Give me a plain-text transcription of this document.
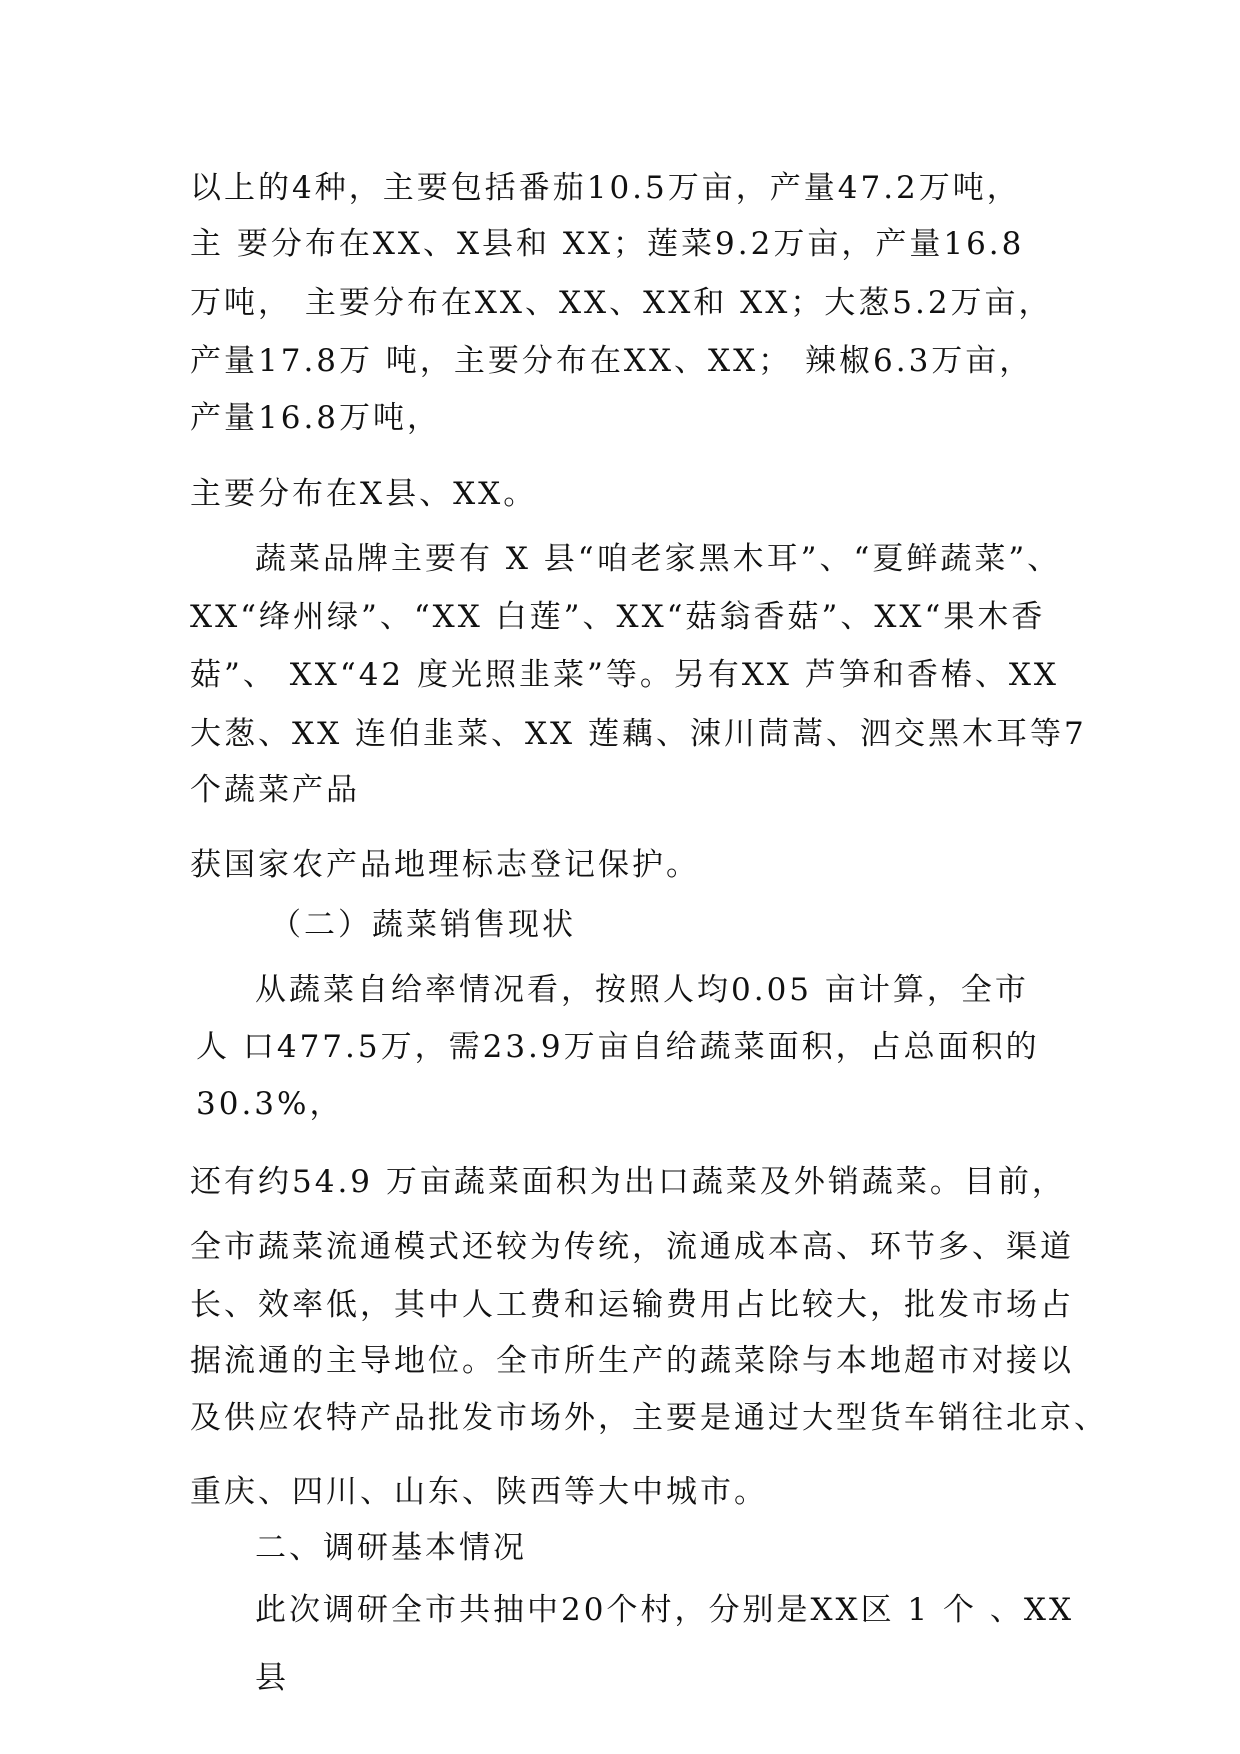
以上的4种，主要包括番茄10.5万亩，产量47.2万吨，
主 要分布在XX、X县和 XX；莲菜9.2万亩，产量16.8
万吨， 主要分布在XX、XX、XX和 XX；大葱5.2万亩，
产量17.8万 吨，主要分布在XX、XX； 辣椒6.3万亩，
产量16.8万吨，
主要分布在X县、XX。
蔬菜品牌主要有 X 县“咱老家黑木耳”、“夏鲜蔬菜”、
XX“绛州绿”、“XX 白莲”、XX“菇翁香菇”、XX“果木香
菇”、 XX“42 度光照韭菜”等。另有XX 芦笋和香椿、XX
大葱、XX 连伯韭菜、XX 莲藕、涑川茼蒿、泗交黑木耳等7
个蔬菜产品
获国家农产品地理标志登记保护。
（二）蔬菜销售现状
从蔬菜自给率情况看，按照人均0.05 亩计算，全市
人 口477.5万，需23.9万亩自给蔬菜面积，占总面积的
30.3%，
还有约54.9 万亩蔬菜面积为出口蔬菜及外销蔬菜。目前，
全市蔬菜流通模式还较为传统，流通成本高、环节多、渠道
长、效率低，其中人工费和运输费用占比较大，批发市场占
据流通的主导地位。全市所生产的蔬菜除与本地超市对接以
及供应农特产品批发市场外，主要是通过大型货车销往北京、
重庆、四川、山东、陕西等大中城市。
二、调研基本情况
此次调研全市共抽中20个村，分别是XX区 1 个 、XX
县
